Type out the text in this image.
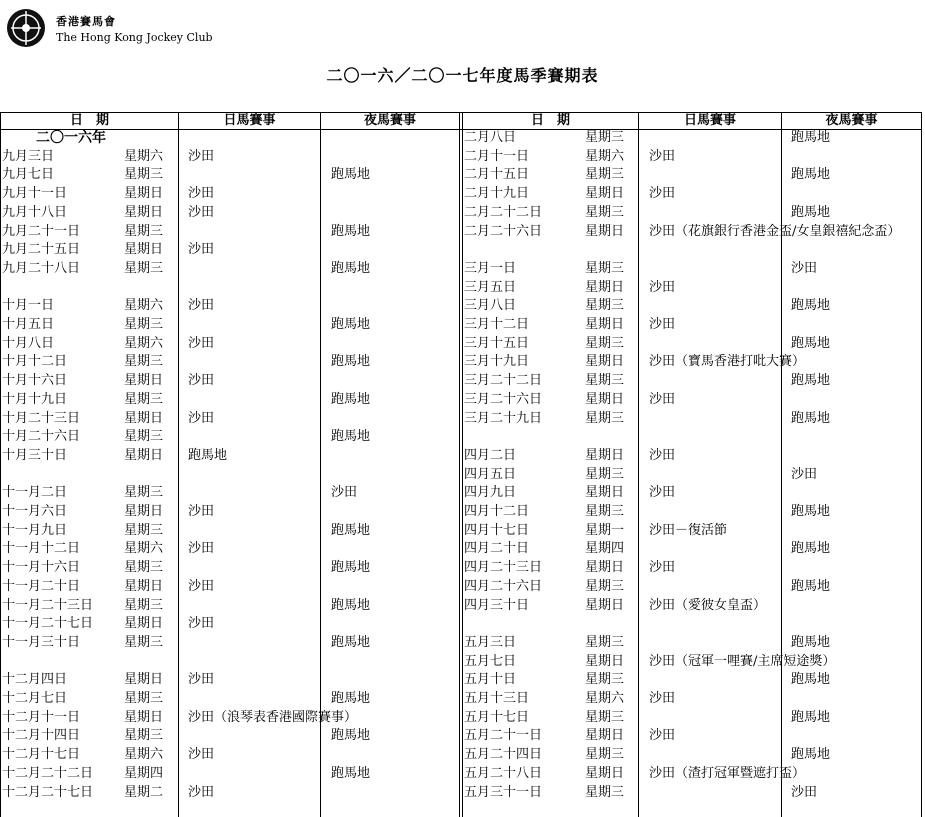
香港賽馬會
The Hong Kong Jockey Club
二〇一六／二〇一七年度馬季賽期表
日　期	日馬賽事	夜馬賽事	日　期	日馬賽事	夜馬賽事
二〇一六年
九月三日	星期六 沙田
九月七日	星期三	跑馬地
九月十一日	星期日 沙田
九月十八日	星期日 沙田
九月二十一日	星期三	跑馬地
九月二十五日	星期日 沙田
九月二十八日	星期三	跑馬地
十月一日	星期六 沙田
十月五日	星期三	跑馬地
十月八日	星期六 沙田
十月十二日	星期三	跑馬地
十月十六日	星期日 沙田
十月十九日	星期三	跑馬地
十月二十三日	星期日 沙田
十月二十六日	星期三	跑馬地
十月三十日	星期日 跑馬地
十一月二日	星期三	沙田
十一月六日	星期日 沙田
十一月九日	星期三	跑馬地
十一月十二日	星期六 沙田
十一月十六日	星期三	跑馬地
十一月二十日	星期日 沙田
十一月二十三日 星期三	跑馬地
十一月二十七日 星期日 沙田
十一月三十日	星期三	跑馬地
十二月四日	星期日 沙田
十二月七日	星期三	跑馬地
十二月十一日	星期日 沙田（浪琴表香港國際賽事）
十二月十四日	星期三	跑馬地
十二月十七日	星期六 沙田
十二月二十二日 星期四	跑馬地
十二月二十七日 星期二 沙田
二月八日	星期三	跑馬地
二月十一日	星期六 沙田
二月十五日	星期三	跑馬地
二月十九日	星期日 沙田
二月二十二日	星期三	跑馬地
二月二十六日	星期日 沙田（花旗銀行香港金盃/女皇銀禧紀念盃）
三月一日	星期三	沙田
三月五日	星期日 沙田
三月八日	星期三	跑馬地
三月十二日	星期日 沙田
三月十五日	星期三	跑馬地
三月十九日	星期日 沙田（寶馬香港打吡大賽）
三月二十二日	星期三	跑馬地
三月二十六日	星期日 沙田
三月二十九日	星期三	跑馬地
四月二日	星期日 沙田
四月五日	星期三	沙田
四月九日	星期日 沙田
四月十二日	星期三	跑馬地
四月十七日	星期一 沙田－復活節
四月二十日	星期四	跑馬地
四月二十三日	星期日 沙田
四月二十六日	星期三	跑馬地
四月三十日	星期日 沙田（愛彼女皇盃）
五月三日	星期三	跑馬地
五月七日	星期日 沙田（冠軍一哩賽/主席短途獎）
五月十日	星期三	跑馬地
五月十三日	星期六 沙田
五月十七日	星期三	跑馬地
五月二十一日	星期日 沙田
五月二十四日	星期三	跑馬地
五月二十八日	星期日 沙田（渣打冠軍暨遮打盃）
五月三十一日	星期三	沙田
